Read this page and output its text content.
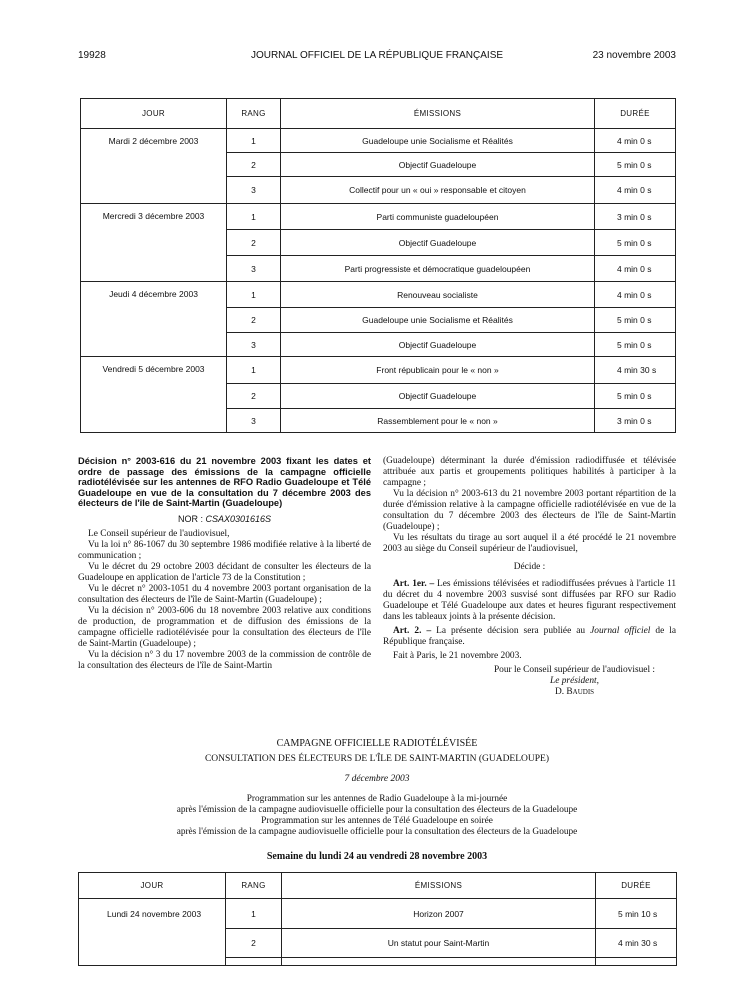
19928	JOURNAL OFFICIEL DE LA RÉPUBLIQUE FRANÇAISE	23 novembre 2003
JOUR	RANG	ÉMISSIONS	DURÉE
Mardi 2 décembre 2003	1	Guadeloupe unie Socialisme et Réalités	4 min 0 s
	2	Objectif Guadeloupe	5 min 0 s
	3	Collectif pour un « oui » responsable et citoyen	4 min 0 s
Mercredi 3 décembre 2003	1	Parti communiste guadeloupéen	3 min 0 s
	2	Objectif Guadeloupe	5 min 0 s
	3	Parti progressiste et démocratique guadeloupéen	4 min 0 s
Jeudi 4 décembre 2003	1	Renouveau socialiste	4 min 0 s
	2	Guadeloupe unie Socialisme et Réalités	5 min 0 s
	3	Objectif Guadeloupe	5 min 0 s
Vendredi 5 décembre 2003	1	Front républicain pour le « non »	4 min 30 s
	2	Objectif Guadeloupe	5 min 0 s
	3	Rassemblement pour le « non »	3 min 0 s

Décision n° 2003-616 du 21 novembre 2003 fixant les dates et ordre de passage des émissions de la campagne officielle radiotélévisée sur les antennes de RFO Radio Guadeloupe et Télé Guadeloupe en vue de la consultation du 7 décembre 2003 des électeurs de l'île de Saint-Martin (Guadeloupe)

NOR : CSAX0301616S

Le Conseil supérieur de l'audiovisuel,

Vu la loi n° 86-1067 du 30 septembre 1986 modifiée relative à la liberté de communication ;

Vu le décret du 29 octobre 2003 décidant de consulter les électeurs de la Guadeloupe en application de l'article 73 de la Constitution ;

Vu le décret n° 2003-1051 du 4 novembre 2003 portant organisation de la consultation des électeurs de l'île de Saint-Martin (Guadeloupe) ;

Vu la décision n° 2003-606 du 18 novembre 2003 relative aux conditions de production, de programmation et de diffusion des émissions de la campagne officielle radiotélévisée pour la consultation des électeurs de l'île de Saint-Martin (Guadeloupe) ;

Vu la décision n° 3 du 17 novembre 2003 de la commission de contrôle de la consultation des électeurs de l'île de Saint-Martin

(Guadeloupe) déterminant la durée d'émission radiodiffusée et télévisée attribuée aux partis et groupements politiques habilités à participer à la campagne ;

Vu la décision n° 2003-613 du 21 novembre 2003 portant répartition de la durée d'émission relative à la campagne officielle radiotélévisée en vue de la consultation du 7 décembre 2003 des électeurs de l'île de Saint-Martin (Guadeloupe) ;

Vu les résultats du tirage au sort auquel il a été procédé le 21 novembre 2003 au siège du Conseil supérieur de l'audiovisuel,

Décide :

Art. 1er. – Les émissions télévisées et radiodiffusées prévues à l'article 11 du décret du 4 novembre 2003 susvisé sont diffusées par RFO sur Radio Guadeloupe et Télé Guadeloupe aux dates et heures figurant respectivement dans les tableaux joints à la présente décision.

Art. 2. – La présente décision sera publiée au Journal officiel de la République française.

Fait à Paris, le 21 novembre 2003.

Pour le Conseil supérieur de l'audiovisuel :

Le président,

D. Baudis

CAMPAGNE OFFICIELLE RADIOTÉLÉVISÉE
CONSULTATION DES ÉLECTEURS DE L'ÎLE DE SAINT-MARTIN (GUADELOUPE)
7 décembre 2003
Programmation sur les antennes de Radio Guadeloupe à la mi-journée
après l'émission de la campagne audiovisuelle officielle pour la consultation des électeurs de la Guadeloupe
Programmation sur les antennes de Télé Guadeloupe en soirée
après l'émission de la campagne audiovisuelle officielle pour la consultation des électeurs de la Guadeloupe
Semaine du lundi 24 au vendredi 28 novembre 2003
JOUR	RANG	ÉMISSIONS	DURÉE
Lundi 24 novembre 2003	1	Horizon 2007	5 min 10 s
	2	Un statut pour Saint-Martin	4 min 30 s
